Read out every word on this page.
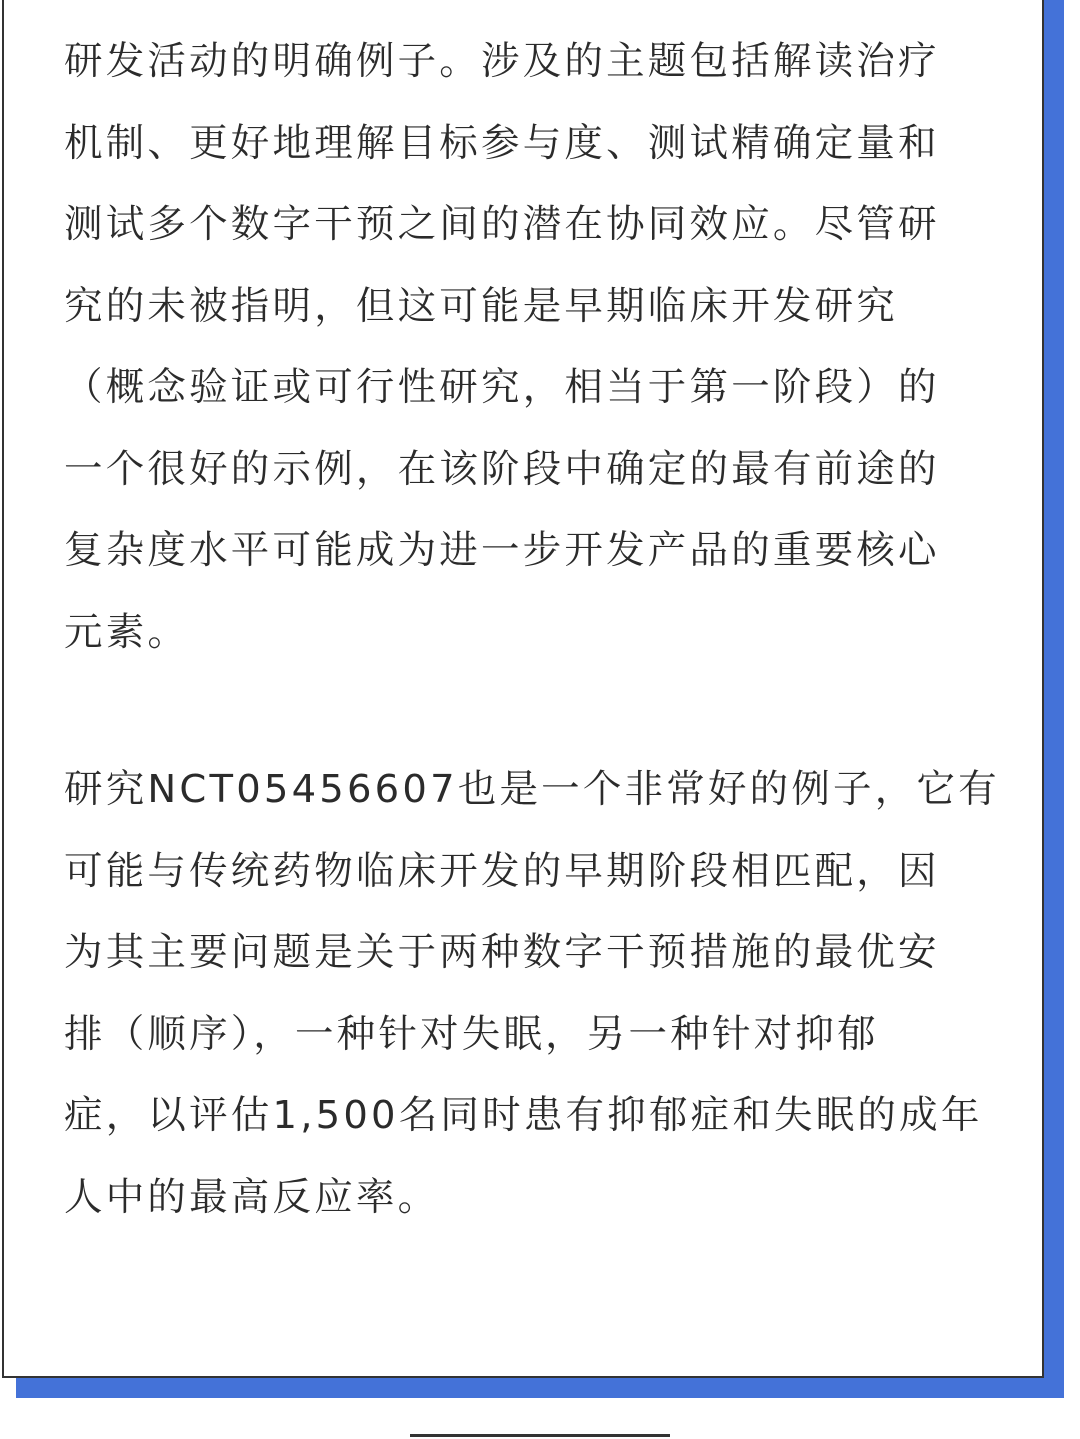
研发活动的明确例子。涉及的主题包括解读治疗
机制、更好地理解目标参与度、测试精确定量和
测试多个数字干预之间的潜在协同效应。尽管研
究的未被指明，但这可能是早期临床开发研究
（概念验证或可行性研究，相当于第一阶段）的
一个很好的示例，在该阶段中确定的最有前途的
复杂度水平可能成为进一步开发产品的重要核心
元素。
研究NCT05456607也是一个非常好的例子，它有
可能与传统药物临床开发的早期阶段相匹配，因
为其主要问题是关于两种数字干预措施的最优安
排（顺序），一种针对失眠，另一种针对抑郁
症，以评估1,500名同时患有抑郁症和失眠的成年
人中的最高反应率。
